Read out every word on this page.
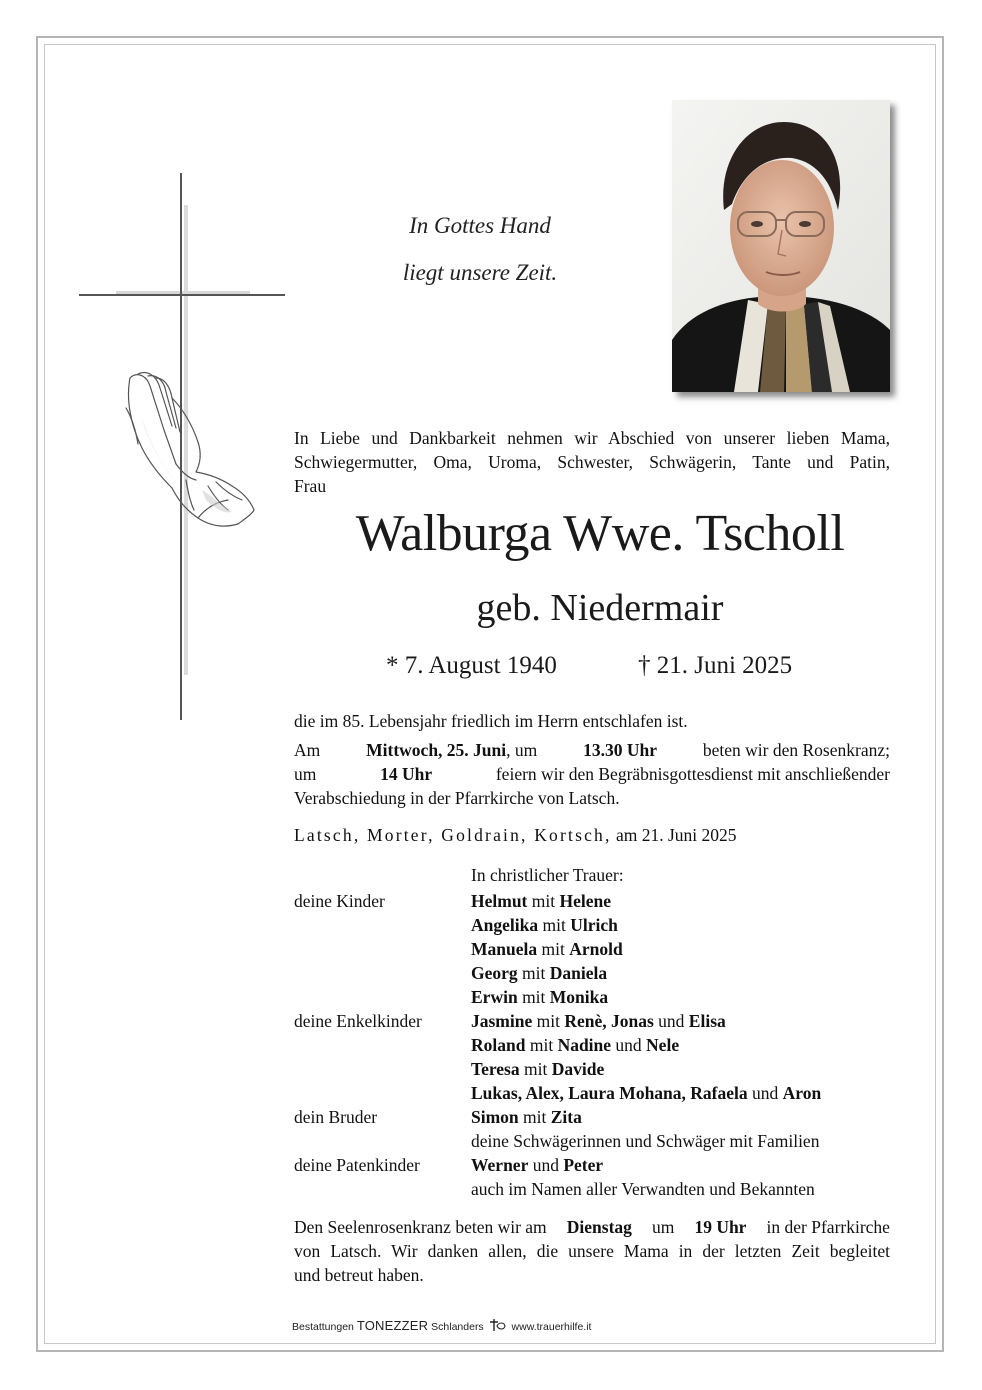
In Gottes Hand
liegt unsere Zeit.
In Liebe und Dankbarkeit nehmen wir Abschied von unserer lieben Mama,
Schwiegermutter, Oma, Uroma, Schwester, Schwägerin, Tante und Patin,
Frau
Walburga Wwe. Tscholl
geb. Niedermair
* 7. August 1940	† 21. Juni 2025
die im 85. Lebensjahr friedlich im Herrn entschlafen ist.
Am	Mittwoch, 25. Juni, um	13.30 Uhr	beten wir den Rosenkranz;
um	14 Uhr	feiern wir den Begräbnisgottesdienst mit anschließender
Verabschiedung in der Pfarrkirche von Latsch.
Latsch, Morter, Goldrain, Kortsch, am 21. Juni 2025
In christlicher Trauer:
deine Kinder	Helmut mit Helene
Angelika mit Ulrich
Manuela mit Arnold
Georg mit Daniela
Erwin mit Monika
deine Enkelkinder	Jasmine mit Renè, Jonas und Elisa
Roland mit Nadine und Nele
Teresa mit Davide
Lukas, Alex, Laura Mohana, Rafaela und Aron
dein Bruder	Simon mit Zita
deine Schwägerinnen und Schwäger mit Familien
deine Patenkinder	Werner und Peter
auch im Namen aller Verwandten und Bekannten
Den Seelenrosenkranz beten wir am Dienstag um 19 Uhr in der Pfarrkirche
von Latsch. Wir danken allen, die unsere Mama in der letzten Zeit begleitet
und betreut haben.
Bestattungen TONEZZER Schlanders	www.trauerhilfe.it
